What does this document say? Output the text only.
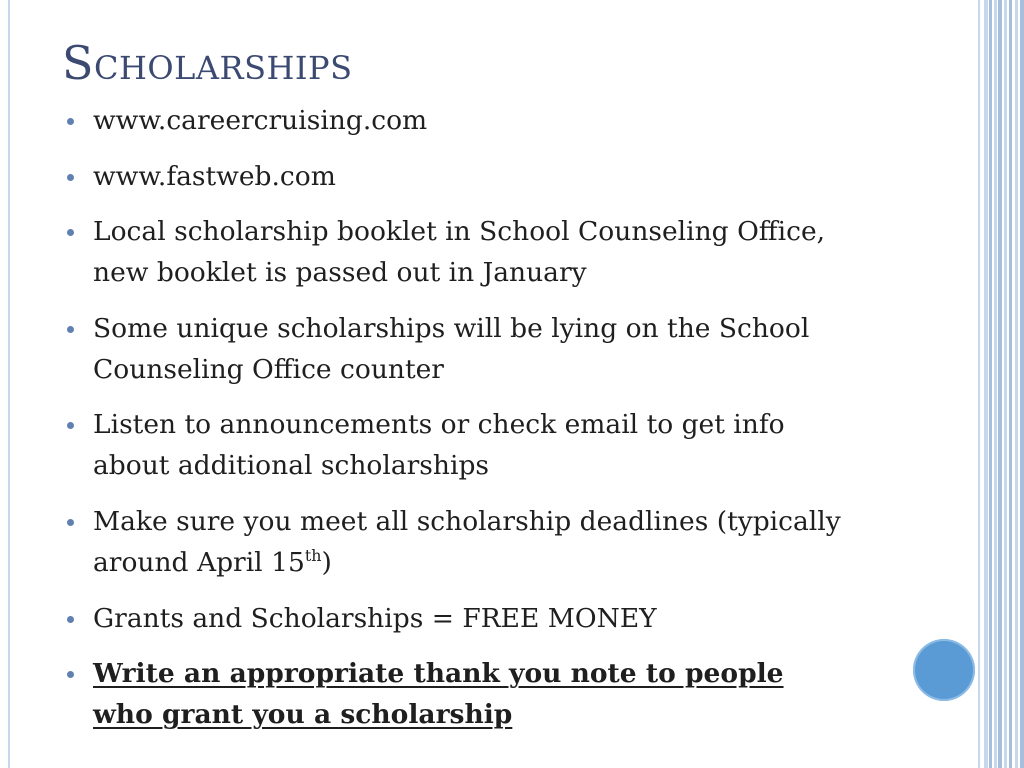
Scholarships
www.careercruising.com
www.fastweb.com
Local scholarship booklet in School Counseling Office,
new booklet is passed out in January
Some unique scholarships will be lying on the School
Counseling Office counter
Listen to announcements or check email to get info
about additional scholarships
Make sure you meet all scholarship deadlines (typically
around April 15th)
Grants and Scholarships = FREE MONEY
Write an appropriate thank you note to people
who grant you a scholarship
